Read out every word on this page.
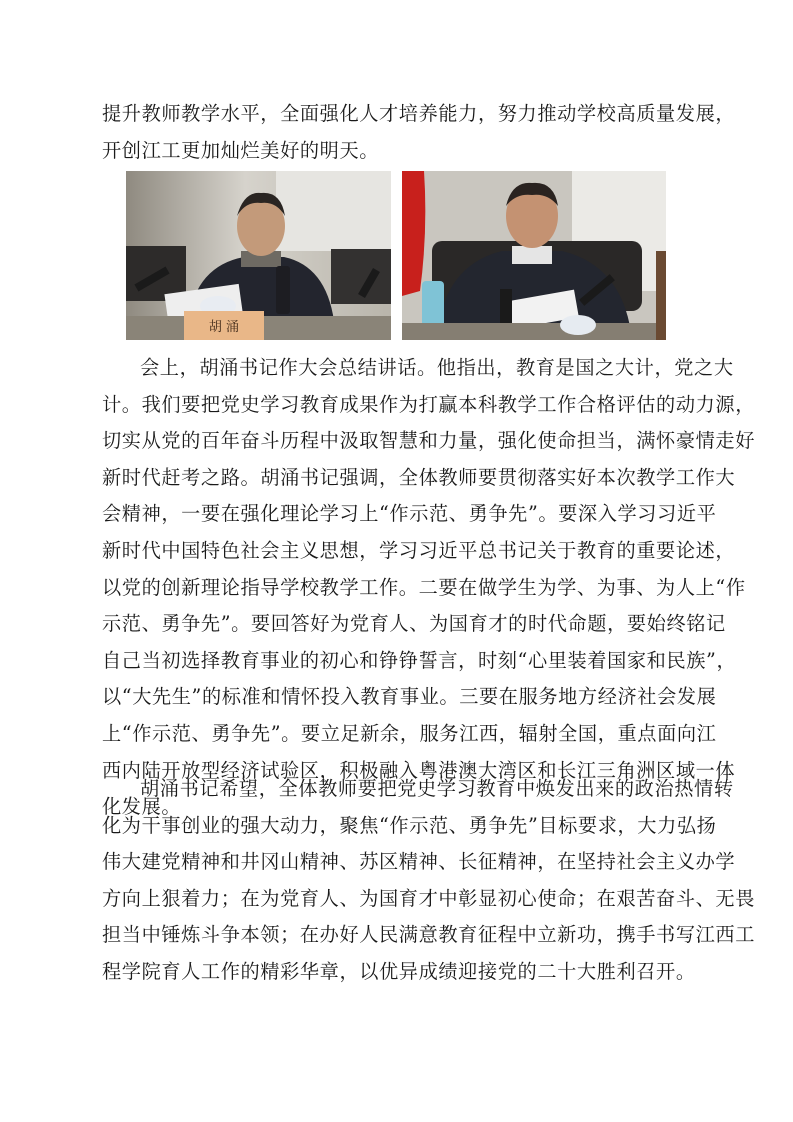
提升教师教学水平，全面强化人才培养能力，努力推动学校高质量发展，
开创江工更加灿烂美好的明天。
胡 涌
会上，胡涌书记作大会总结讲话。他指出，教育是国之大计，党之大
计。我们要把党史学习教育成果作为打赢本科教学工作合格评估的动力源，
切实从党的百年奋斗历程中汲取智慧和力量，强化使命担当，满怀豪情走好
新时代赶考之路。胡涌书记强调，全体教师要贯彻落实好本次教学工作大
会精神，一要在强化理论学习上“作示范、勇争先”。要深入学习习近平
新时代中国特色社会主义思想，学习习近平总书记关于教育的重要论述，
以党的创新理论指导学校教学工作。二要在做学生为学、为事、为人上“作
示范、勇争先”。要回答好为党育人、为国育才的时代命题，要始终铭记
自己当初选择教育事业的初心和铮铮誓言，时刻“心里装着国家和民族”，
以“大先生”的标准和情怀投入教育事业。三要在服务地方经济社会发展
上“作示范、勇争先”。要立足新余，服务江西，辐射全国，重点面向江
西内陆开放型经济试验区，积极融入粤港澳大湾区和长江三角洲区域一体
化发展。
胡涌书记希望，全体教师要把党史学习教育中焕发出来的政治热情转
化为干事创业的强大动力，聚焦“作示范、勇争先”目标要求，大力弘扬
伟大建党精神和井冈山精神、苏区精神、长征精神，在坚持社会主义办学
方向上狠着力；在为党育人、为国育才中彰显初心使命；在艰苦奋斗、无畏
担当中锤炼斗争本领；在办好人民满意教育征程中立新功，携手书写江西工
程学院育人工作的精彩华章，以优异成绩迎接党的二十大胜利召开。
